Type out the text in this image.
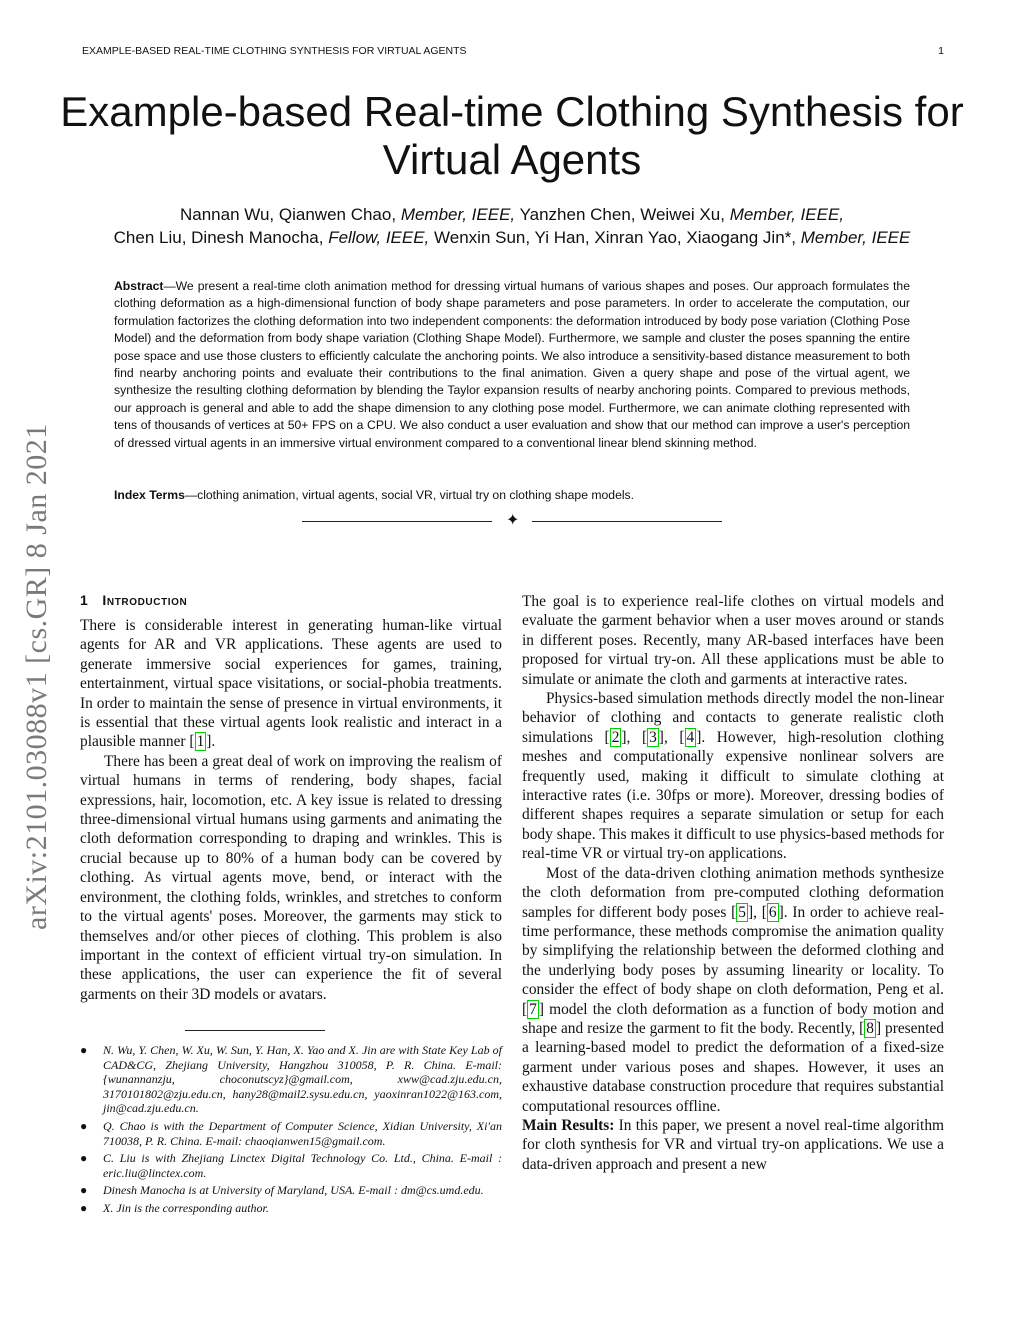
EXAMPLE-BASED REAL-TIME CLOTHING SYNTHESIS FOR VIRTUAL AGENTS	1
Example-based Real-time Clothing Synthesis for
Virtual Agents
Nannan Wu, Qianwen Chao, Member, IEEE, Yanzhen Chen, Weiwei Xu, Member, IEEE,
Chen Liu, Dinesh Manocha, Fellow, IEEE, Wenxin Sun, Yi Han, Xinran Yao, Xiaogang Jin*, Member, IEEE
Abstract—We present a real-time cloth animation method for dressing virtual humans of various shapes and poses. Our approach formulates the clothing deformation as a high-dimensional function of body shape parameters and pose parameters. In order to accelerate the computation, our formulation factorizes the clothing deformation into two independent components: the deformation introduced by body pose variation (Clothing Pose Model) and the deformation from body shape variation (Clothing Shape Model). Furthermore, we sample and cluster the poses spanning the entire pose space and use those clusters to efficiently calculate the anchoring points. We also introduce a sensitivity-based distance measurement to both find nearby anchoring points and evaluate their contributions to the final animation. Given a query shape and pose of the virtual agent, we synthesize the resulting clothing deformation by blending the Taylor expansion results of nearby anchoring points. Compared to previous methods, our approach is general and able to add the shape dimension to any clothing pose model. Furthermore, we can animate clothing represented with tens of thousands of vertices at 50+ FPS on a CPU. We also conduct a user evaluation and show that our method can improve a user's perception of dressed virtual agents in an immersive virtual environment compared to a conventional linear blend skinning method.
Index Terms—clothing animation, virtual agents, social VR, virtual try on clothing shape models.
✦
arXiv:2101.03088v1 [cs.GR] 8 Jan 2021 1 Introduction

There is considerable interest in generating human-like virtual agents for AR and VR applications. These agents are used to generate immersive social experiences for games, training, entertainment, virtual space visitations, or social-phobia treatments. In order to maintain the sense of presence in virtual environments, it is essential that these virtual agents look realistic and interact in a plausible manner [ 1 ].

There has been a great deal of work on improving the realism of virtual humans in terms of rendering, body shapes, facial expressions, hair, locomotion, etc. A key issue is related to dressing three-dimensional virtual humans using garments and animating the cloth deformation corresponding to draping and wrinkles. This is crucial because up to 80% of a human body can be covered by clothing. As virtual agents move, bend, or interact with the environment, the clothing folds, wrinkles, and stretches to conform to the virtual agents' poses. Moreover, the garments may stick to themselves and/or other pieces of clothing. This problem is also important in the context of efficient virtual try-on simulation. In these applications, the user can experience the fit of several garments on their 3D models or avatars.

● N. Wu, Y. Chen, W. Xu, W. Sun, Y. Han, X. Yao and X. Jin are with State Key Lab of CAD&CG, Zhejiang University, Hangzhou 310058, P. R. China. E-mail: {wunannanzju, choconutscyz}@gmail.com, xww@cad.zju.edu.cn, 3170101802@zju.edu.cn, hany28@mail2.sysu.edu.cn, yaoxinran1022@163.com, jin@cad.zju.edu.cn.
● Q. Chao is with the Department of Computer Science, Xidian University, Xi'an 710038, P. R. China. E-mail: chaoqianwen15@gmail.com.
● C. Liu is with Zhejiang Linctex Digital Technology Co. Ltd., China. E-mail : eric.liu@linctex.com.
● Dinesh Manocha is at University of Maryland, USA. E-mail : dm@cs.umd.edu.
● X. Jin is the corresponding author.

The goal is to experience real-life clothes on virtual models and evaluate the garment behavior when a user moves around or stands in different poses. Recently, many AR-based interfaces have been proposed for virtual try-on. All these applications must be able to simulate or animate the cloth and garments at interactive rates.

Physics-based simulation methods directly model the non-linear behavior of clothing and contacts to generate realistic cloth simulations [ 2 ], [ 3 ], [ 4 ]. However, high-resolution clothing meshes and computationally expensive nonlinear solvers are frequently used, making it difficult to simulate clothing at interactive rates (i.e. 30fps or more). Moreover, dressing bodies of different shapes requires a separate simulation or setup for each body shape. This makes it difficult to use physics-based methods for real-time VR or virtual try-on applications.

Most of the data-driven clothing animation methods synthesize the cloth deformation from pre-computed clothing deformation samples for different body poses [ 5 ], [ 6 ]. In order to achieve real-time performance, these methods compromise the animation quality by simplifying the relationship between the deformed clothing and the underlying body poses by assuming linearity or locality. To consider the effect of body shape on cloth deformation, Peng et al. [ 7 ] model the cloth deformation as a function of body motion and shape and resize the garment to fit the body. Recently, [ 8 ] presented a learning-based model to predict the deformation of a fixed-size garment under various poses and shapes. However, it uses an exhaustive database construction procedure that requires substantial computational resources offline.

Main Results: In this paper, we present a novel real-time algorithm for cloth synthesis for VR and virtual try-on applications. We use a data-driven approach and present a new
